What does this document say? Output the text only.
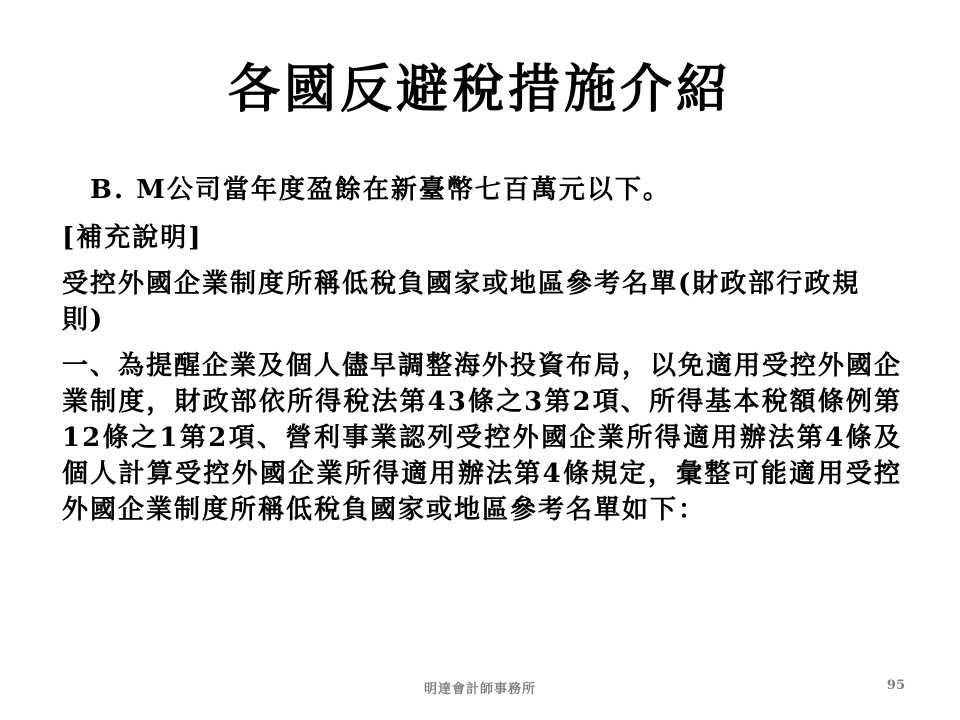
各國反避稅措施介紹

B. M公司當年度盈餘在新臺幣七百萬元以下。

[補充說明]

受控外國企業制度所稱低稅負國家或地區參考名單(財政部行政規則)

一、為提醒企業及個人儘早調整海外投資布局，以免適用受控外國企業制度，財政部依所得稅法第43條之3第2項、所得基本稅額條例第12條之1第2項、營利事業認列受控外國企業所得適用辦法第4條及個人計算受控外國企業所得適用辦法第4條規定，彙整可能適用受控外國企業制度所稱低稅負國家或地區參考名單如下：

明達會計師事務所	95
